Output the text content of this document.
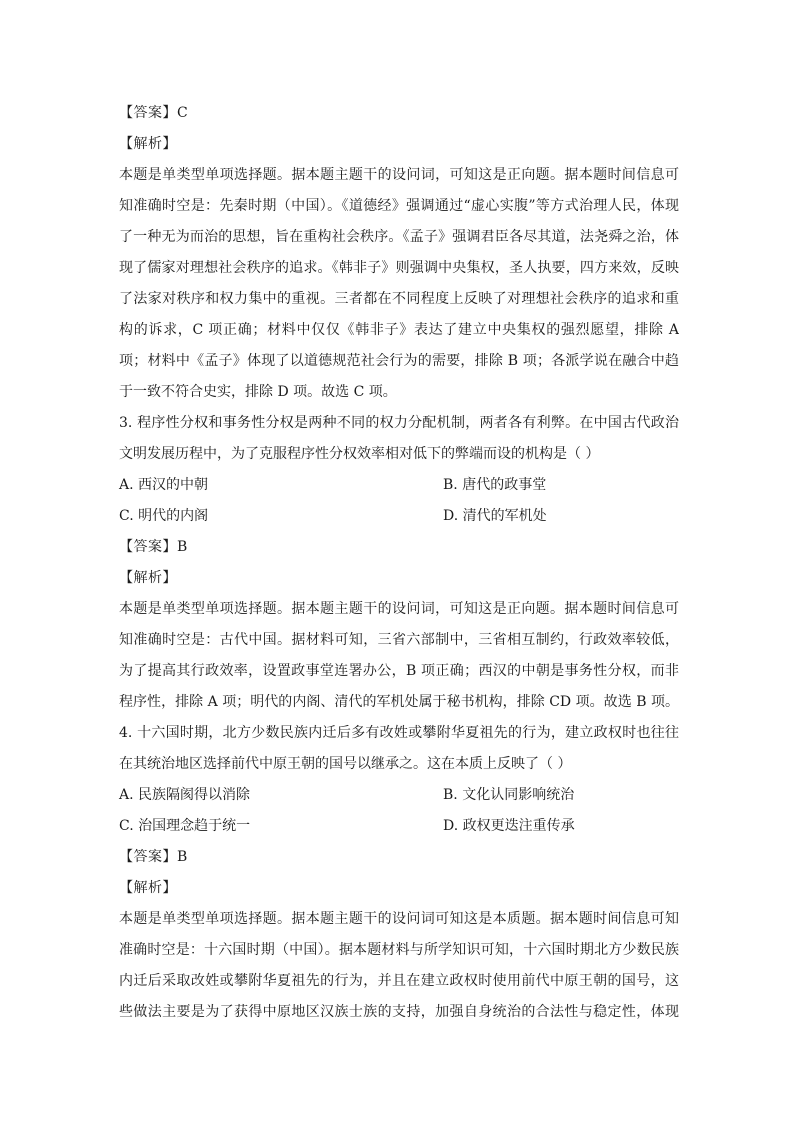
【答案】C
【解析】
本题是单类型单项选择题。据本题主题干的设问词，可知这是正向题。据本题时间信息可
知准确时空是：先秦时期（中国）。《道德经》强调通过“虚心实腹”等方式治理人民，体现
了一种无为而治的思想，旨在重构社会秩序。《孟子》强调君臣各尽其道，法尧舜之治，体
现了儒家对理想社会秩序的追求。《韩非子》则强调中央集权，圣人执要，四方来效，反映
了法家对秩序和权力集中的重视。三者都在不同程度上反映了对理想社会秩序的追求和重
构的诉求，C 项正确；材料中仅仅《韩非子》表达了建立中央集权的强烈愿望，排除 A
项；材料中《孟子》体现了以道德规范社会行为的需要，排除 B 项；各派学说在融合中趋
于一致不符合史实，排除 D 项。故选 C 项。
3. 程序性分权和事务性分权是两种不同的权力分配机制，两者各有利弊。在中国古代政治
文明发展历程中，为了克服程序性分权效率相对低下的弊端而设的机构是（ ）
A. 西汉的中朝	B. 唐代的政事堂
C. 明代的内阁	D. 清代的军机处
【答案】B
【解析】
本题是单类型单项选择题。据本题主题干的设问词，可知这是正向题。据本题时间信息可
知准确时空是：古代中国。据材料可知，三省六部制中，三省相互制约，行政效率较低，
为了提高其行政效率，设置政事堂连署办公，B 项正确；西汉的中朝是事务性分权，而非
程序性，排除 A 项；明代的内阁、清代的军机处属于秘书机构，排除 CD 项。故选 B 项。
4. 十六国时期，北方少数民族内迁后多有改姓或攀附华夏祖先的行为，建立政权时也往往
在其统治地区选择前代中原王朝的国号以继承之。这在本质上反映了（ ）
A. 民族隔阂得以消除	B. 文化认同影响统治
C. 治国理念趋于统一	D. 政权更迭注重传承
【答案】B
【解析】
本题是单类型单项选择题。据本题主题干的设问词可知这是本质题。据本题时间信息可知
准确时空是：十六国时期（中国）。据本题材料与所学知识可知，十六国时期北方少数民族
内迁后采取改姓或攀附华夏祖先的行为，并且在建立政权时使用前代中原王朝的国号，这
些做法主要是为了获得中原地区汉族士族的支持，加强自身统治的合法性与稳定性，体现
